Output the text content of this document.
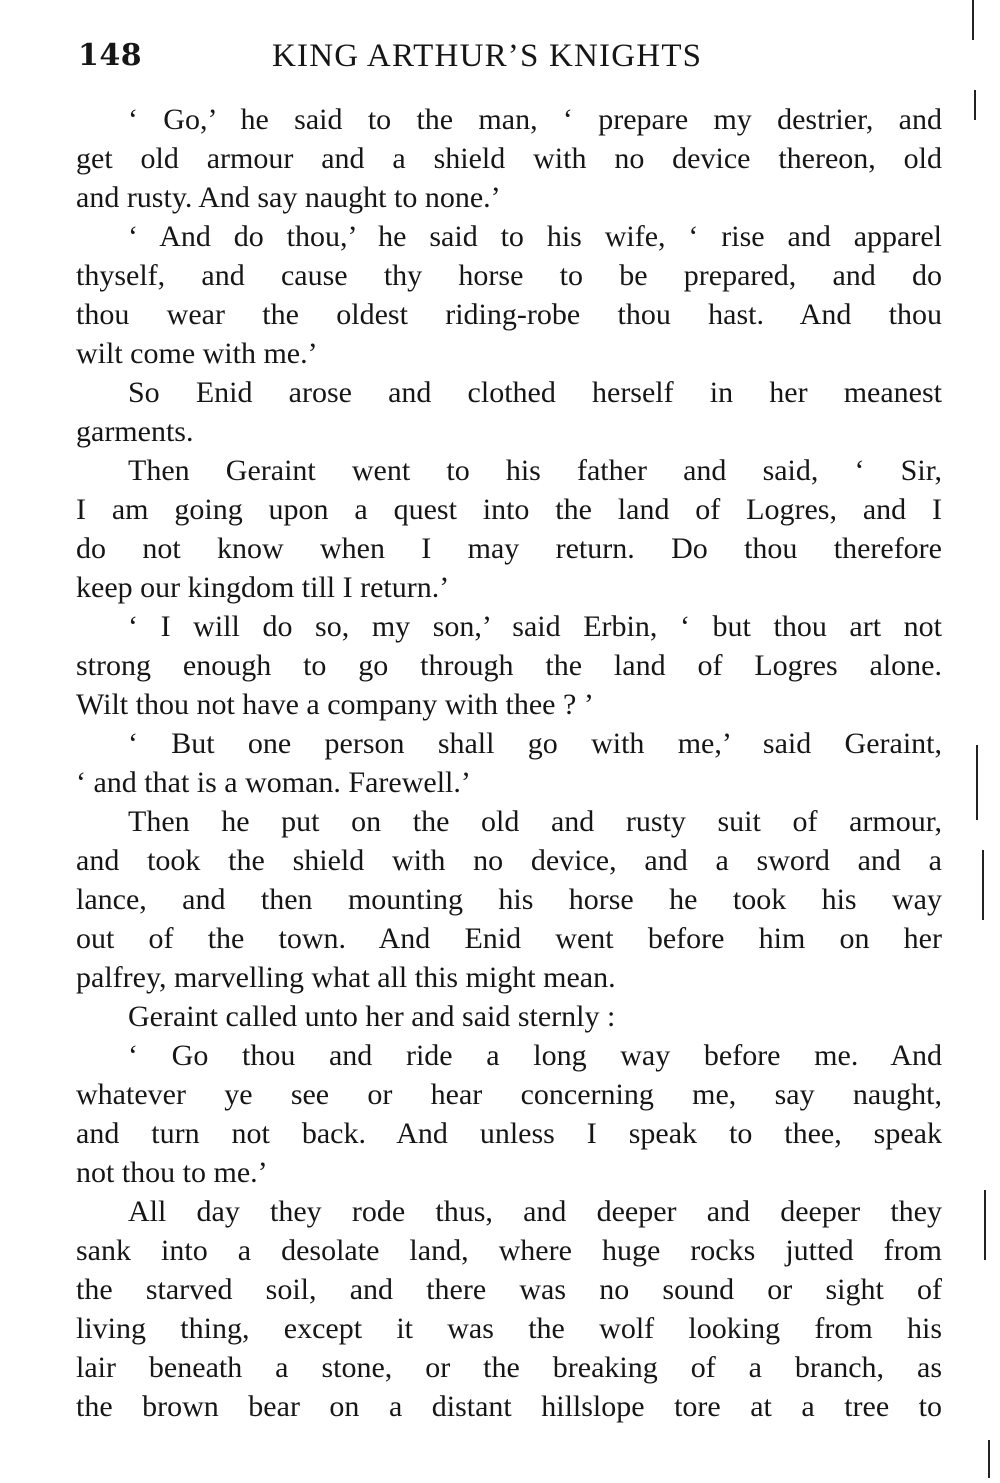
148	KING ARTHUR’S KNIGHTS
‘ Go,’ he said to the man, ‘ prepare my destrier, and
get old armour and a shield with no device thereon, old
and rusty. And say naught to none.’
‘ And do thou,’ he said to his wife, ‘ rise and apparel
thyself, and cause thy horse to be prepared, and do
thou wear the oldest riding-robe thou hast. And thou
wilt come with me.’
So Enid arose and clothed herself in her meanest
garments.
Then Geraint went to his father and said, ‘ Sir,
I am going upon a quest into the land of Logres, and I
do not know when I may return. Do thou therefore
keep our kingdom till I return.’
‘ I will do so, my son,’ said Erbin, ‘ but thou art not
strong enough to go through the land of Logres alone.
Wilt thou not have a company with thee ? ’
‘ But one person shall go with me,’ said Geraint,
‘ and that is a woman. Farewell.’
Then he put on the old and rusty suit of armour,
and took the shield with no device, and a sword and a
lance, and then mounting his horse he took his way
out of the town. And Enid went before him on her
palfrey, marvelling what all this might mean.
Geraint called unto her and said sternly :
‘ Go thou and ride a long way before me. And
whatever ye see or hear concerning me, say naught,
and turn not back. And unless I speak to thee, speak
not thou to me.’
All day they rode thus, and deeper and deeper they
sank into a desolate land, where huge rocks jutted from
the starved soil, and there was no sound or sight of
living thing, except it was the wolf looking from his
lair beneath a stone, or the breaking of a branch, as
the brown bear on a distant hillslope tore at a tree to
